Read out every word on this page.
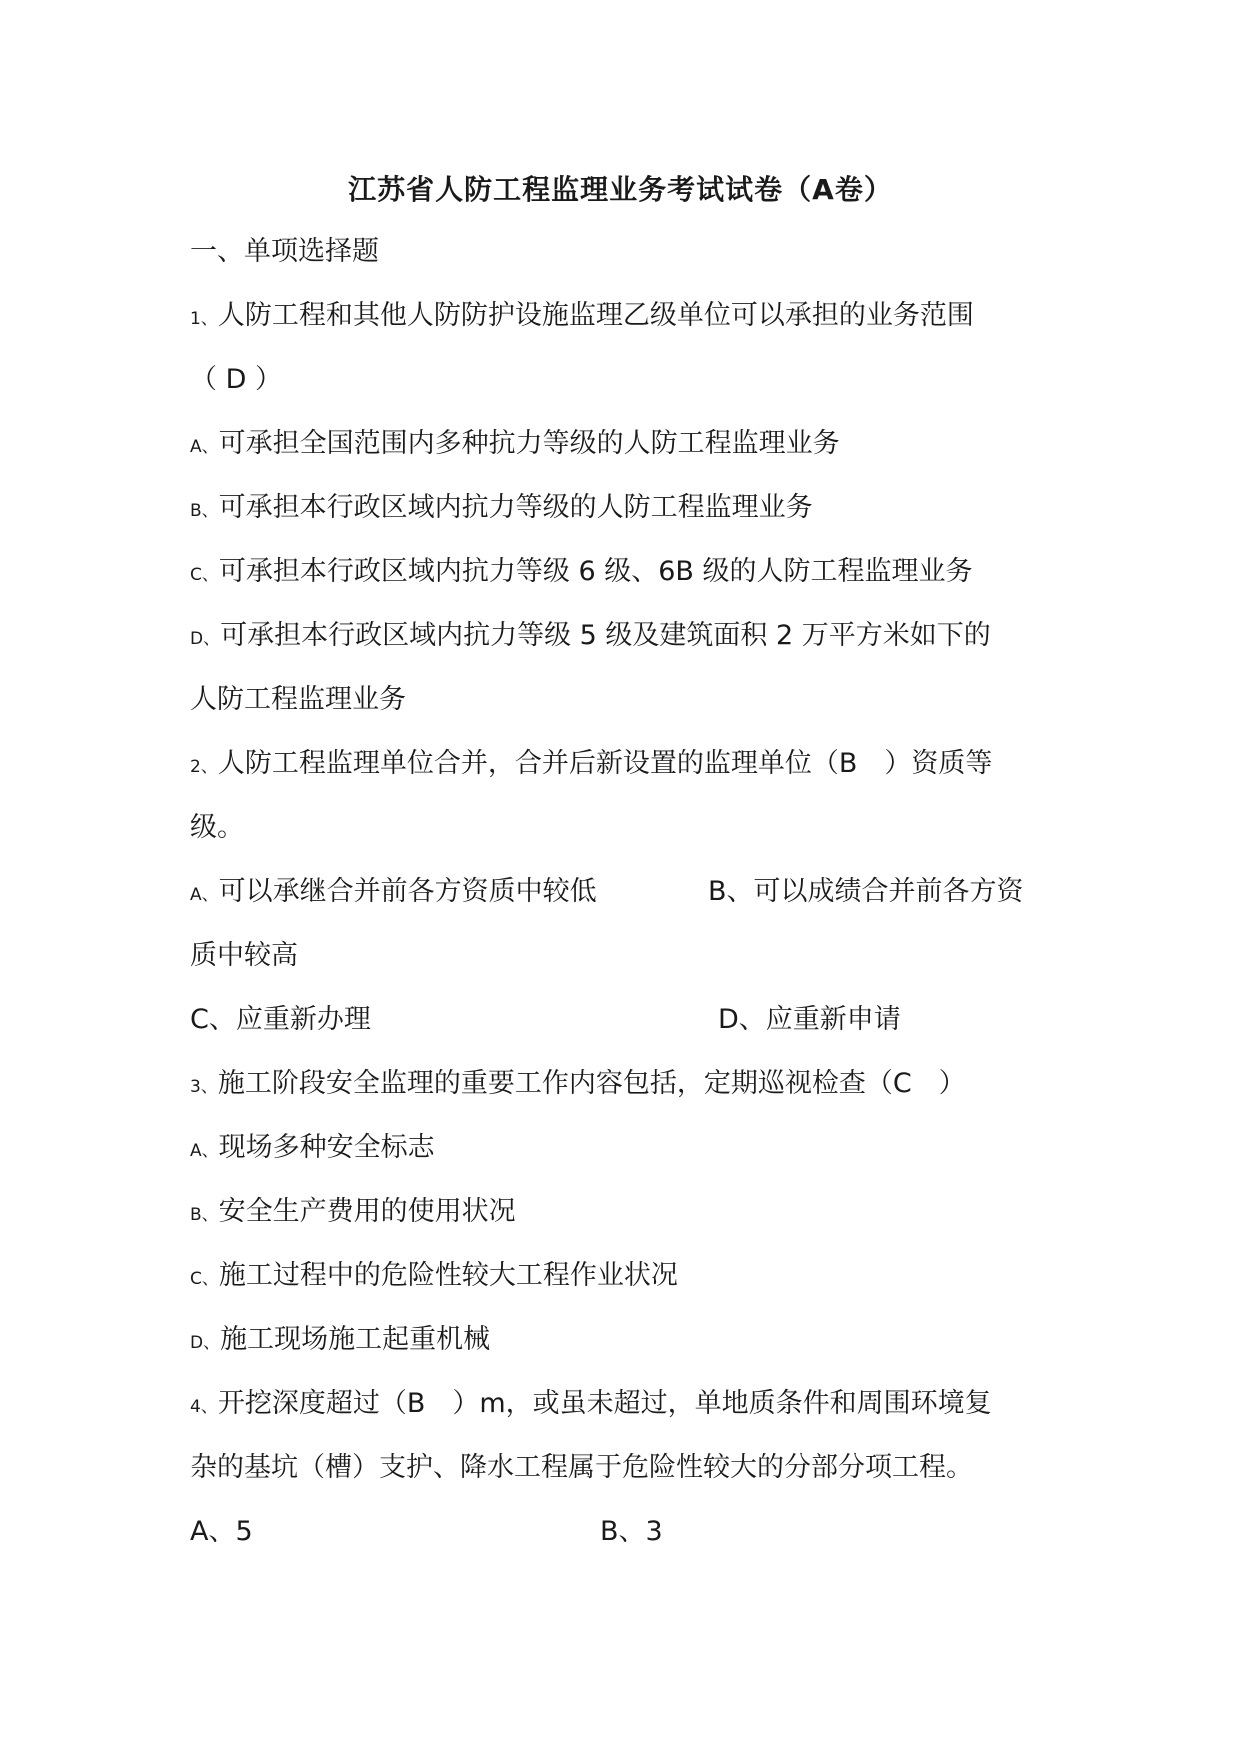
江苏省人防工程监理业务考试试卷（A卷）
一、单项选择题
1、人防工程和其他人防防护设施监理乙级单位可以承担的业务范围
（ D ）
A、可承担全国范围内多种抗力等级的人防工程监理业务
B、可承担本行政区域内抗力等级的人防工程监理业务
C、可承担本行政区域内抗力等级 6 级、6B 级的人防工程监理业务
D、可承担本行政区域内抗力等级 5 级及建筑面积 2 万平方米如下的
人防工程监理业务
2、人防工程监理单位合并，合并后新设置的监理单位（B　）资质等
级。
A、可以承继合并前各方资质中较低	B、可以成绩合并前各方资
质中较高
C、应重新办理	D、应重新申请
3、施工阶段安全监理的重要工作内容包括，定期巡视检查（C　）
A、现场多种安全标志
B、安全生产费用的使用状况
C、施工过程中的危险性较大工程作业状况
D、施工现场施工起重机械
4、开挖深度超过（B　）m，或虽未超过，单地质条件和周围环境复
杂的基坑（槽）支护、降水工程属于危险性较大的分部分项工程。
A、5	B、3
